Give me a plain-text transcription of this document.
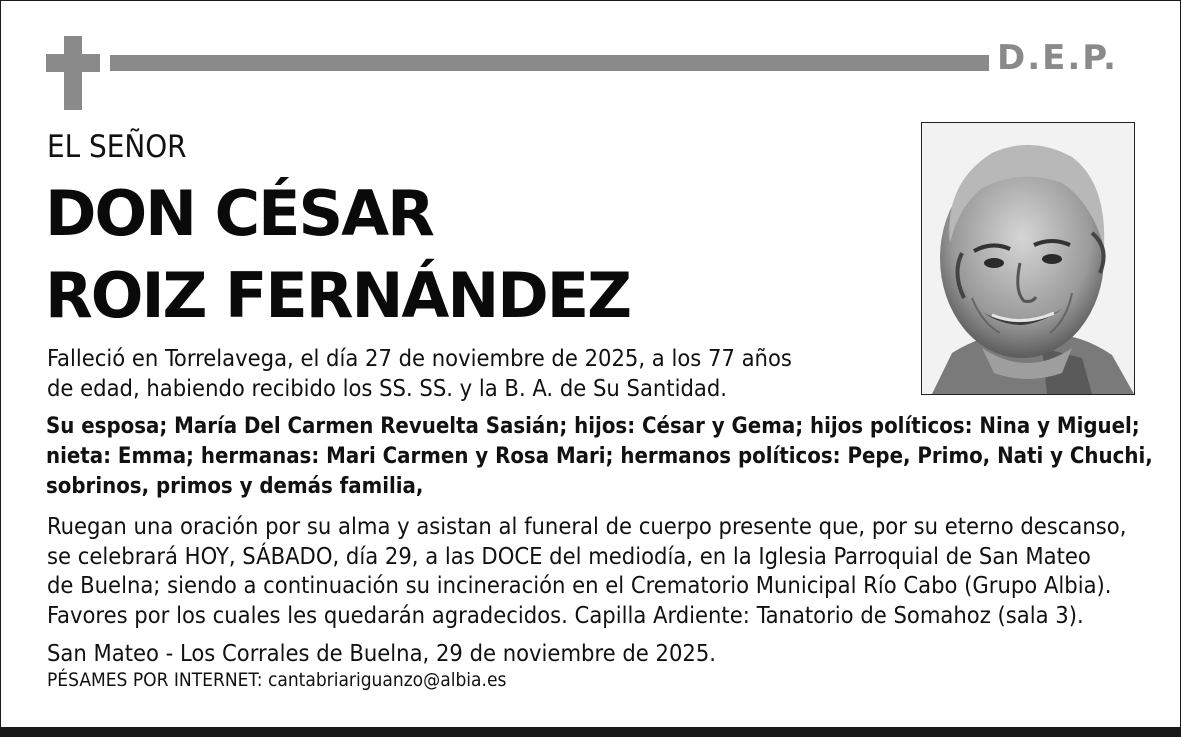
D.E.P.
EL SEÑOR
DON CÉSAR
ROIZ FERNÁNDEZ
Falleció en Torrelavega, el día 27 de noviembre de 2025, a los 77 años
de edad, habiendo recibido los SS. SS. y la B. A. de Su Santidad.
Su esposa; María Del Carmen Revuelta Sasián; hijos: César y Gema; hijos políticos: Nina y Miguel;
nieta: Emma; hermanas: Mari Carmen y Rosa Mari; hermanos políticos: Pepe, Primo, Nati y Chuchi,
sobrinos, primos y demás familia,
Ruegan una oración por su alma y asistan al funeral de cuerpo presente que, por su eterno descanso,
se celebrará HOY, SÁBADO, día 29, a las DOCE del mediodía, en la Iglesia Parroquial de San Mateo
de Buelna; siendo a continuación su incineración en el Crematorio Municipal Río Cabo (Grupo Albia).
Favores por los cuales les quedarán agradecidos. Capilla Ardiente: Tanatorio de Somahoz (sala 3).
San Mateo - Los Corrales de Buelna, 29 de noviembre de 2025.
PÉSAMES POR INTERNET: cantabriariguanzo@albia.es
